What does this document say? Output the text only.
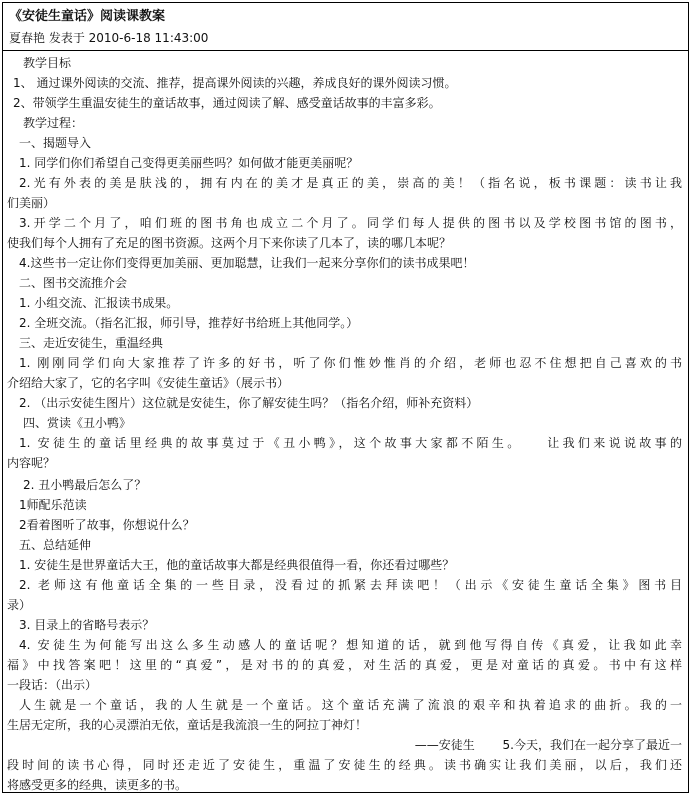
《安徒生童话》阅读课教案
夏春艳 发表于 2010-6-18 11:43:00
教学目标
1、 通过课外阅读的交流、推荐，提高课外阅读的兴趣，养成良好的课外阅读习惯。
2、带领学生重温安徒生的童话故事，通过阅读了解、感受童话故事的丰富多彩。
教学过程：
一、揭题导入
1. 同学们你们希望自己变得更美丽些吗？如何做才能更美丽呢？
2.光有外表的美是肤浅的，拥有内在的美才是真正的美，崇高的美！（指名说，板书课题：读书让我
们美丽）
3.开学二个月了，咱们班的图书角也成立二个月了。同学们每人提供的图书以及学校图书馆的图书，
使我们每个人拥有了充足的图书资源。这两个月下来你读了几本了，读的哪几本呢？
4.这些书一定让你们变得更加美丽、更加聪慧，让我们一起来分享你们的读书成果吧！
二、图书交流推介会
1. 小组交流、汇报读书成果。
2. 全班交流。（指名汇报，师引导，推荐好书给班上其他同学。）
三、走近安徒生，重温经典
1. 刚刚同学们向大家推荐了许多的好书，听了你们惟妙惟肖的介绍，老师也忍不住想把自己喜欢的书
介绍给大家了，它的名字叫《安徒生童话》（展示书）
2. （出示安徒生图片）这位就是安徒生，你了解安徒生吗？（指名介绍，师补充资料）
四、赏读《丑小鸭》
1. 安徒生的童话里经典的故事莫过于《丑小鸭》，这个故事大家都不陌生。　　让我们来说说故事的
内容呢？
2. 丑小鸭最后怎么了？
1师配乐范读
2看着图听了故事，你想说什么？
五、总结延伸
1. 安徒生是世界童话大王，他的童话故事大都是经典很值得一看，你还看过哪些？
2. 老师这有他童话全集的一些目录，没看过的抓紧去拜读吧！（出示《安徒生童话全集》图书目
录）
3. 目录上的省略号表示？
4. 安徒生为何能写出这么多生动感人的童话呢？想知道的话，就到他写得自传《真爱，让我如此幸
福》中找答案吧！这里的“真爱”，是对书的的真爱，对生活的真爱，更是对童话的真爱。书中有这样
一段话：（出示）
人生就是一个童话，我的人生就是一个童话。这个童话充满了流浪的艰辛和执着追求的曲折。我的一
生居无定所，我的心灵漂泊无依，童话是我流浪一生的阿拉丁神灯！
——安徒生　　 5.今天，我们在一起分享了最近一
段时间的读书心得，同时还走近了安徒生，重温了安徒生的经典。读书确实让我们美丽，以后，我们还
将感受更多的经典，读更多的书。
